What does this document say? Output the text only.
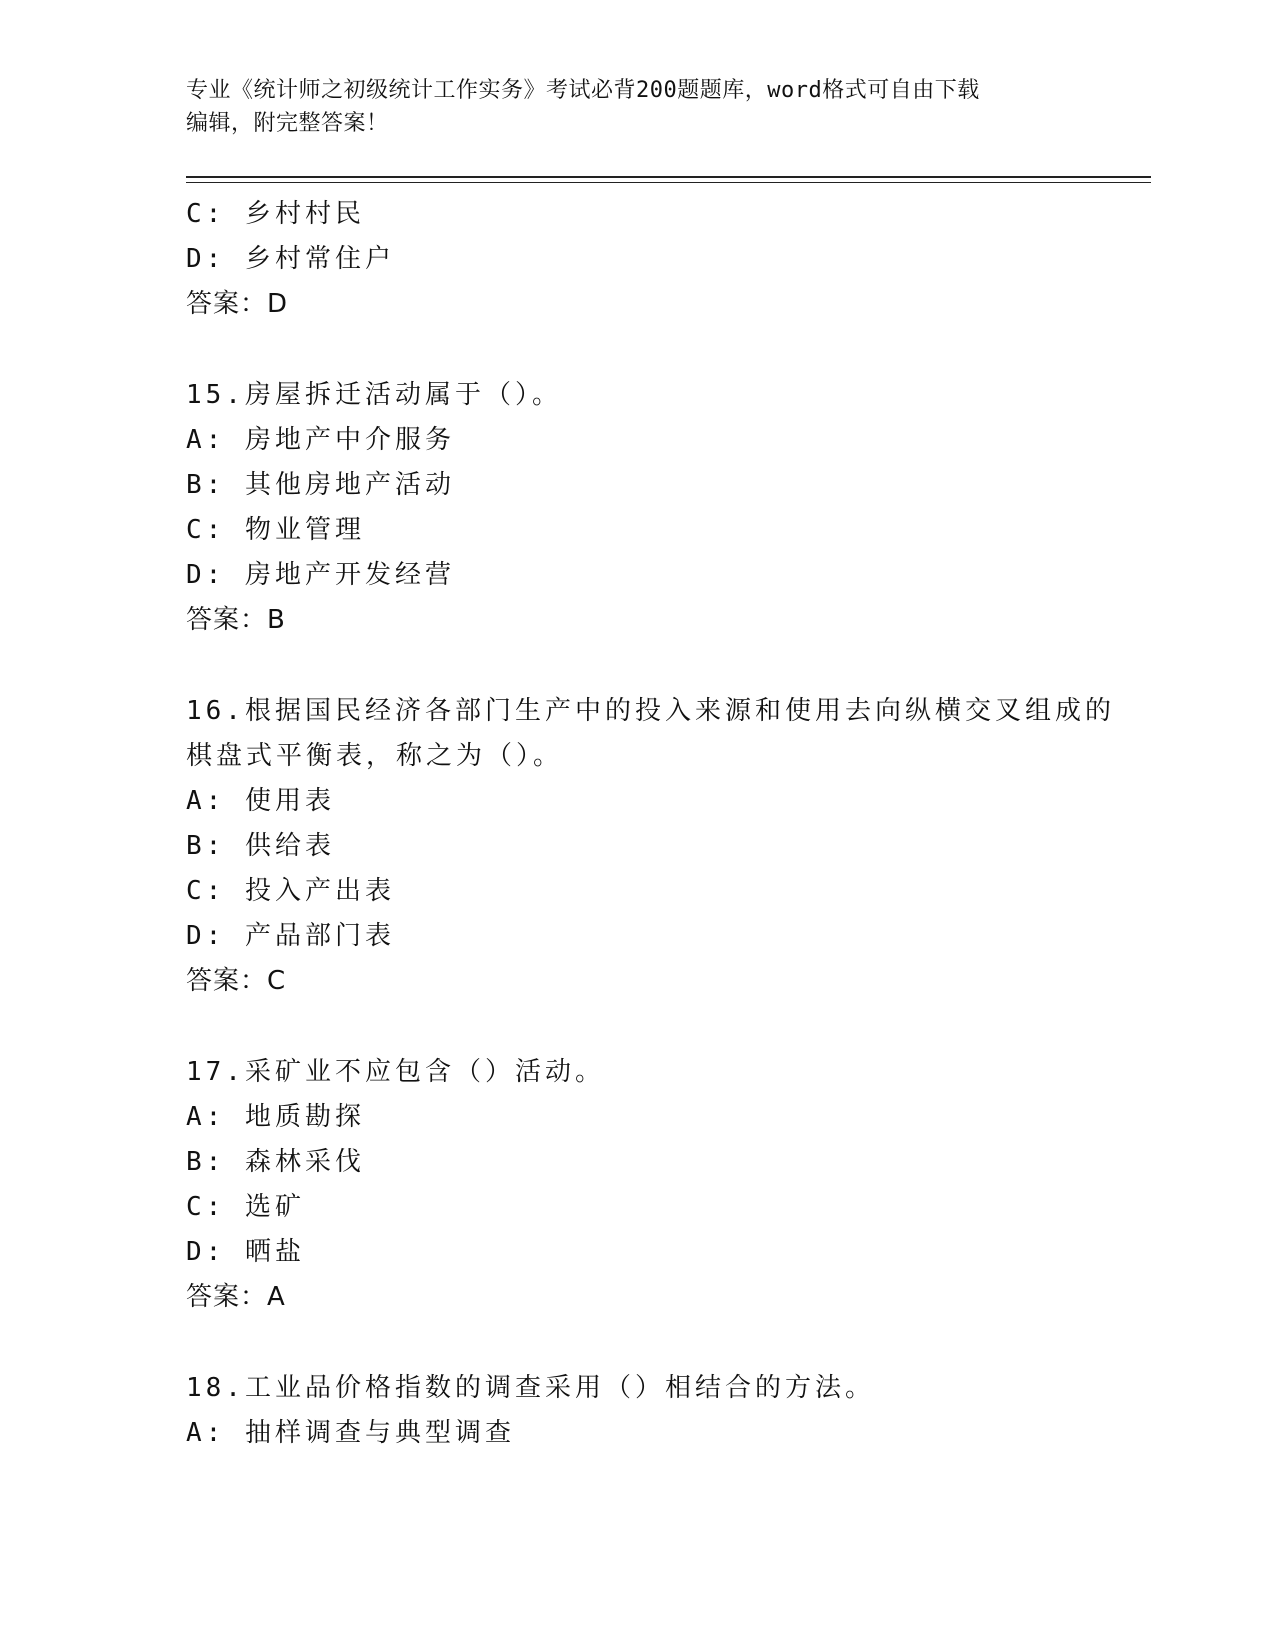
专业《统计师之初级统计工作实务》考试必背200题题库，word格式可自由下载
编辑，附完整答案！
C: 乡村村民
D: 乡村常住户
答案：D
15.房屋拆迁活动属于（）。
A: 房地产中介服务
B: 其他房地产活动
C: 物业管理
D: 房地产开发经营
答案：B
16.根据国民经济各部门生产中的投入来源和使用去向纵横交叉组成的
棋盘式平衡表，称之为（）。
A: 使用表
B: 供给表
C: 投入产出表
D: 产品部门表
答案：C
17.采矿业不应包含（）活动。
A: 地质勘探
B: 森林采伐
C: 选矿
D: 晒盐
答案：A
18.工业品价格指数的调查采用（）相结合的方法。
A: 抽样调查与典型调查
